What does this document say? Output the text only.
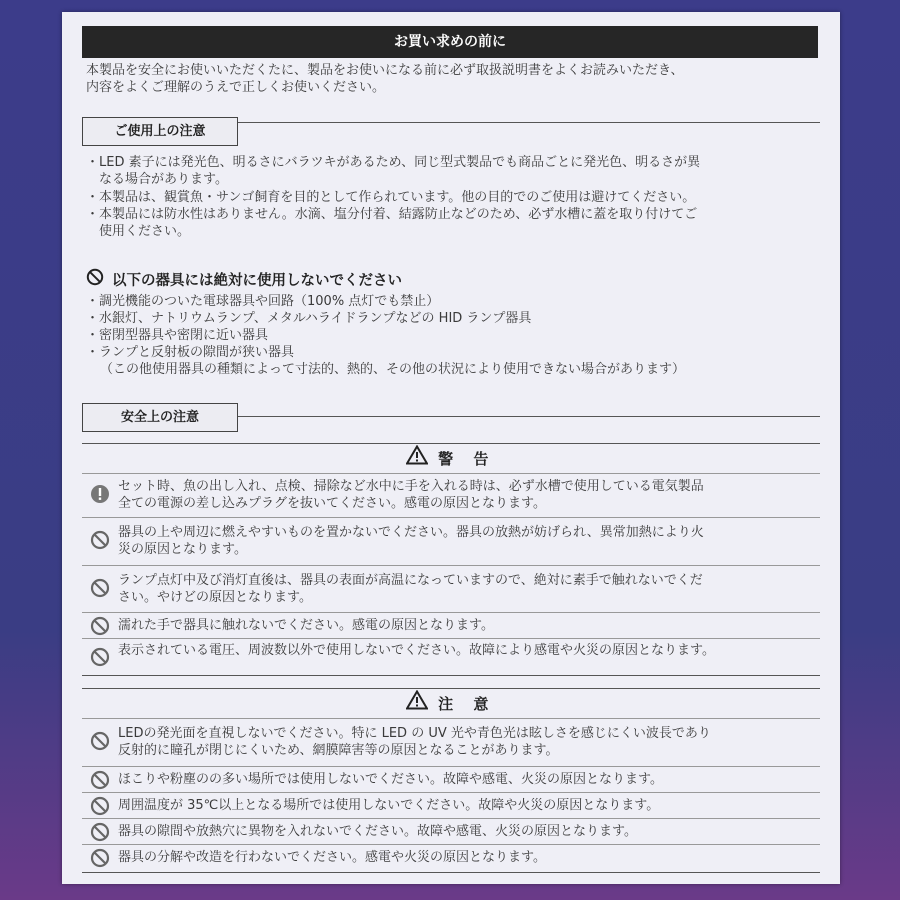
お買い求めの前に
本製品を安全にお使いいただくたに、製品をお使いになる前に必ず取扱説明書をよくお読みいただき、
内容をよくご理解のうえで正しくお使いください。
ご使用上の注意
・LED 素子には発光色、明るさにバラツキがあるため、同じ型式製品でも商品ごとに発光色、明るさが異
　なる場合があります。
・本製品は、観賞魚・サンゴ飼育を目的として作られています。他の目的でのご使用は避けてください。
・本製品には防水性はありません。水滴、塩分付着、結露防止などのため、必ず水槽に蓋を取り付けてご
　使用ください。
以下の器具には絶対に使用しないでください
・調光機能のついた電球器具や回路（100% 点灯でも禁止）
・水銀灯、ナトリウムランプ、メタルハライドランプなどの HID ランプ器具
・密閉型器具や密閉に近い器具
・ランプと反射板の隙間が狭い器具
（この他使用器具の種類によって寸法的、熱的、その他の状況により使用できない場合があります）
安全上の注意
警 告
セット時、魚の出し入れ、点検、掃除など水中に手を入れる時は、必ず水槽で使用している電気製品
全ての電源の差し込みプラグを抜いてください。感電の原因となります。
器具の上や周辺に燃えやすいものを置かないでください。器具の放熱が妨げられ、異常加熱により火
災の原因となります。
ランプ点灯中及び消灯直後は、器具の表面が高温になっていますので、絶対に素手で触れないでくだ
さい。やけどの原因となります。
濡れた手で器具に触れないでください。感電の原因となります。
表示されている電圧、周波数以外で使用しないでください。故障により感電や火災の原因となります。
注 意
LEDの発光面を直視しないでください。特に LED の UV 光や青色光は眩しさを感じにくい波長であり
反射的に瞳孔が閉じにくいため、網膜障害等の原因となることがあります。
ほこりや粉塵のの多い場所では使用しないでください。故障や感電、火災の原因となります。
周囲温度が 35℃以上となる場所では使用しないでください。故障や火災の原因となります。
器具の隙間や放熱穴に異物を入れないでください。故障や感電、火災の原因となります。
器具の分解や改造を行わないでください。感電や火災の原因となります。
